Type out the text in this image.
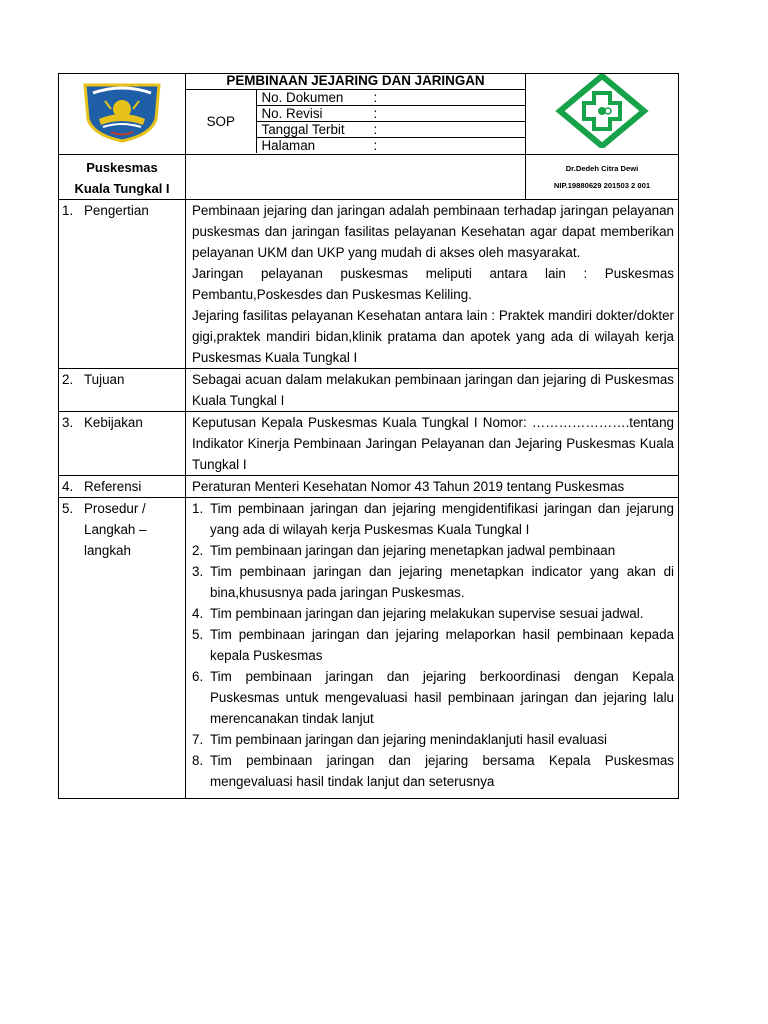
PEMBINAAN JEJARING DAN JARINGAN
SOP	No. Dokumen :
No. Revisi	:
Tanggal Terbit :
Halaman	:

Puskesmas
Kuala Tungkal I

Dr.Dedeh Citra Dewi
NIP.19880629 201503 2 001

1. Pengertian	Pembinaan jejaring dan jaringan adalah pembinaan terhadap jaringan pelayanan puskesmas dan jaringan fasilitas pelayanan Kesehatan agar dapat memberikan pelayanan UKM dan UKP yang mudah di akses oleh masyarakat.

Jaringan pelayanan puskesmas meliputi antara lain : Puskesmas Pembantu,Poskesdes dan Puskesmas Keliling.

Jejaring fasilitas pelayanan Kesehatan antara lain : Praktek mandiri dokter/dokter gigi,praktek mandiri bidan,klinik pratama dan apotek yang ada di wilayah kerja Puskesmas Kuala Tungkal I

2. Tujuan	Sebagai acuan dalam melakukan pembinaan jaringan dan jejaring di Puskesmas Kuala Tungkal I

3. Kebijakan	Keputusan Kepala Puskesmas Kuala Tungkal I Nomor: ………………….tentang Indikator Kinerja Pembinaan Jaringan Pelayanan dan Jejaring Puskesmas Kuala Tungkal I

4. Referensi	Peraturan Menteri Kesehatan Nomor 43 Tahun 2019 tentang Puskesmas

5. Prosedur /
Langkah –
langkah

1. Tim pembinaan jaringan dan jejaring mengidentifikasi jaringan dan jejarung yang ada di wilayah kerja Puskesmas Kuala Tungkal I
2. Tim pembinaan jaringan dan jejaring menetapkan jadwal pembinaan
3. Tim pembinaan jaringan dan jejaring menetapkan indicator yang akan di bina,khususnya pada jaringan Puskesmas.
4. Tim pembinaan jaringan dan jejaring melakukan supervise sesuai jadwal.
5. Tim pembinaan jaringan dan jejaring melaporkan hasil pembinaan kepada kepala Puskesmas
6. Tim pembinaan jaringan dan jejaring berkoordinasi dengan Kepala Puskesmas untuk mengevaluasi hasil pembinaan jaringan dan jejaring lalu merencanakan tindak lanjut
7. Tim pembinaan jaringan dan jejaring menindaklanjuti hasil evaluasi
8. Tim pembinaan jaringan dan jejaring bersama Kepala Puskesmas mengevaluasi hasil tindak lanjut dan seterusnya
